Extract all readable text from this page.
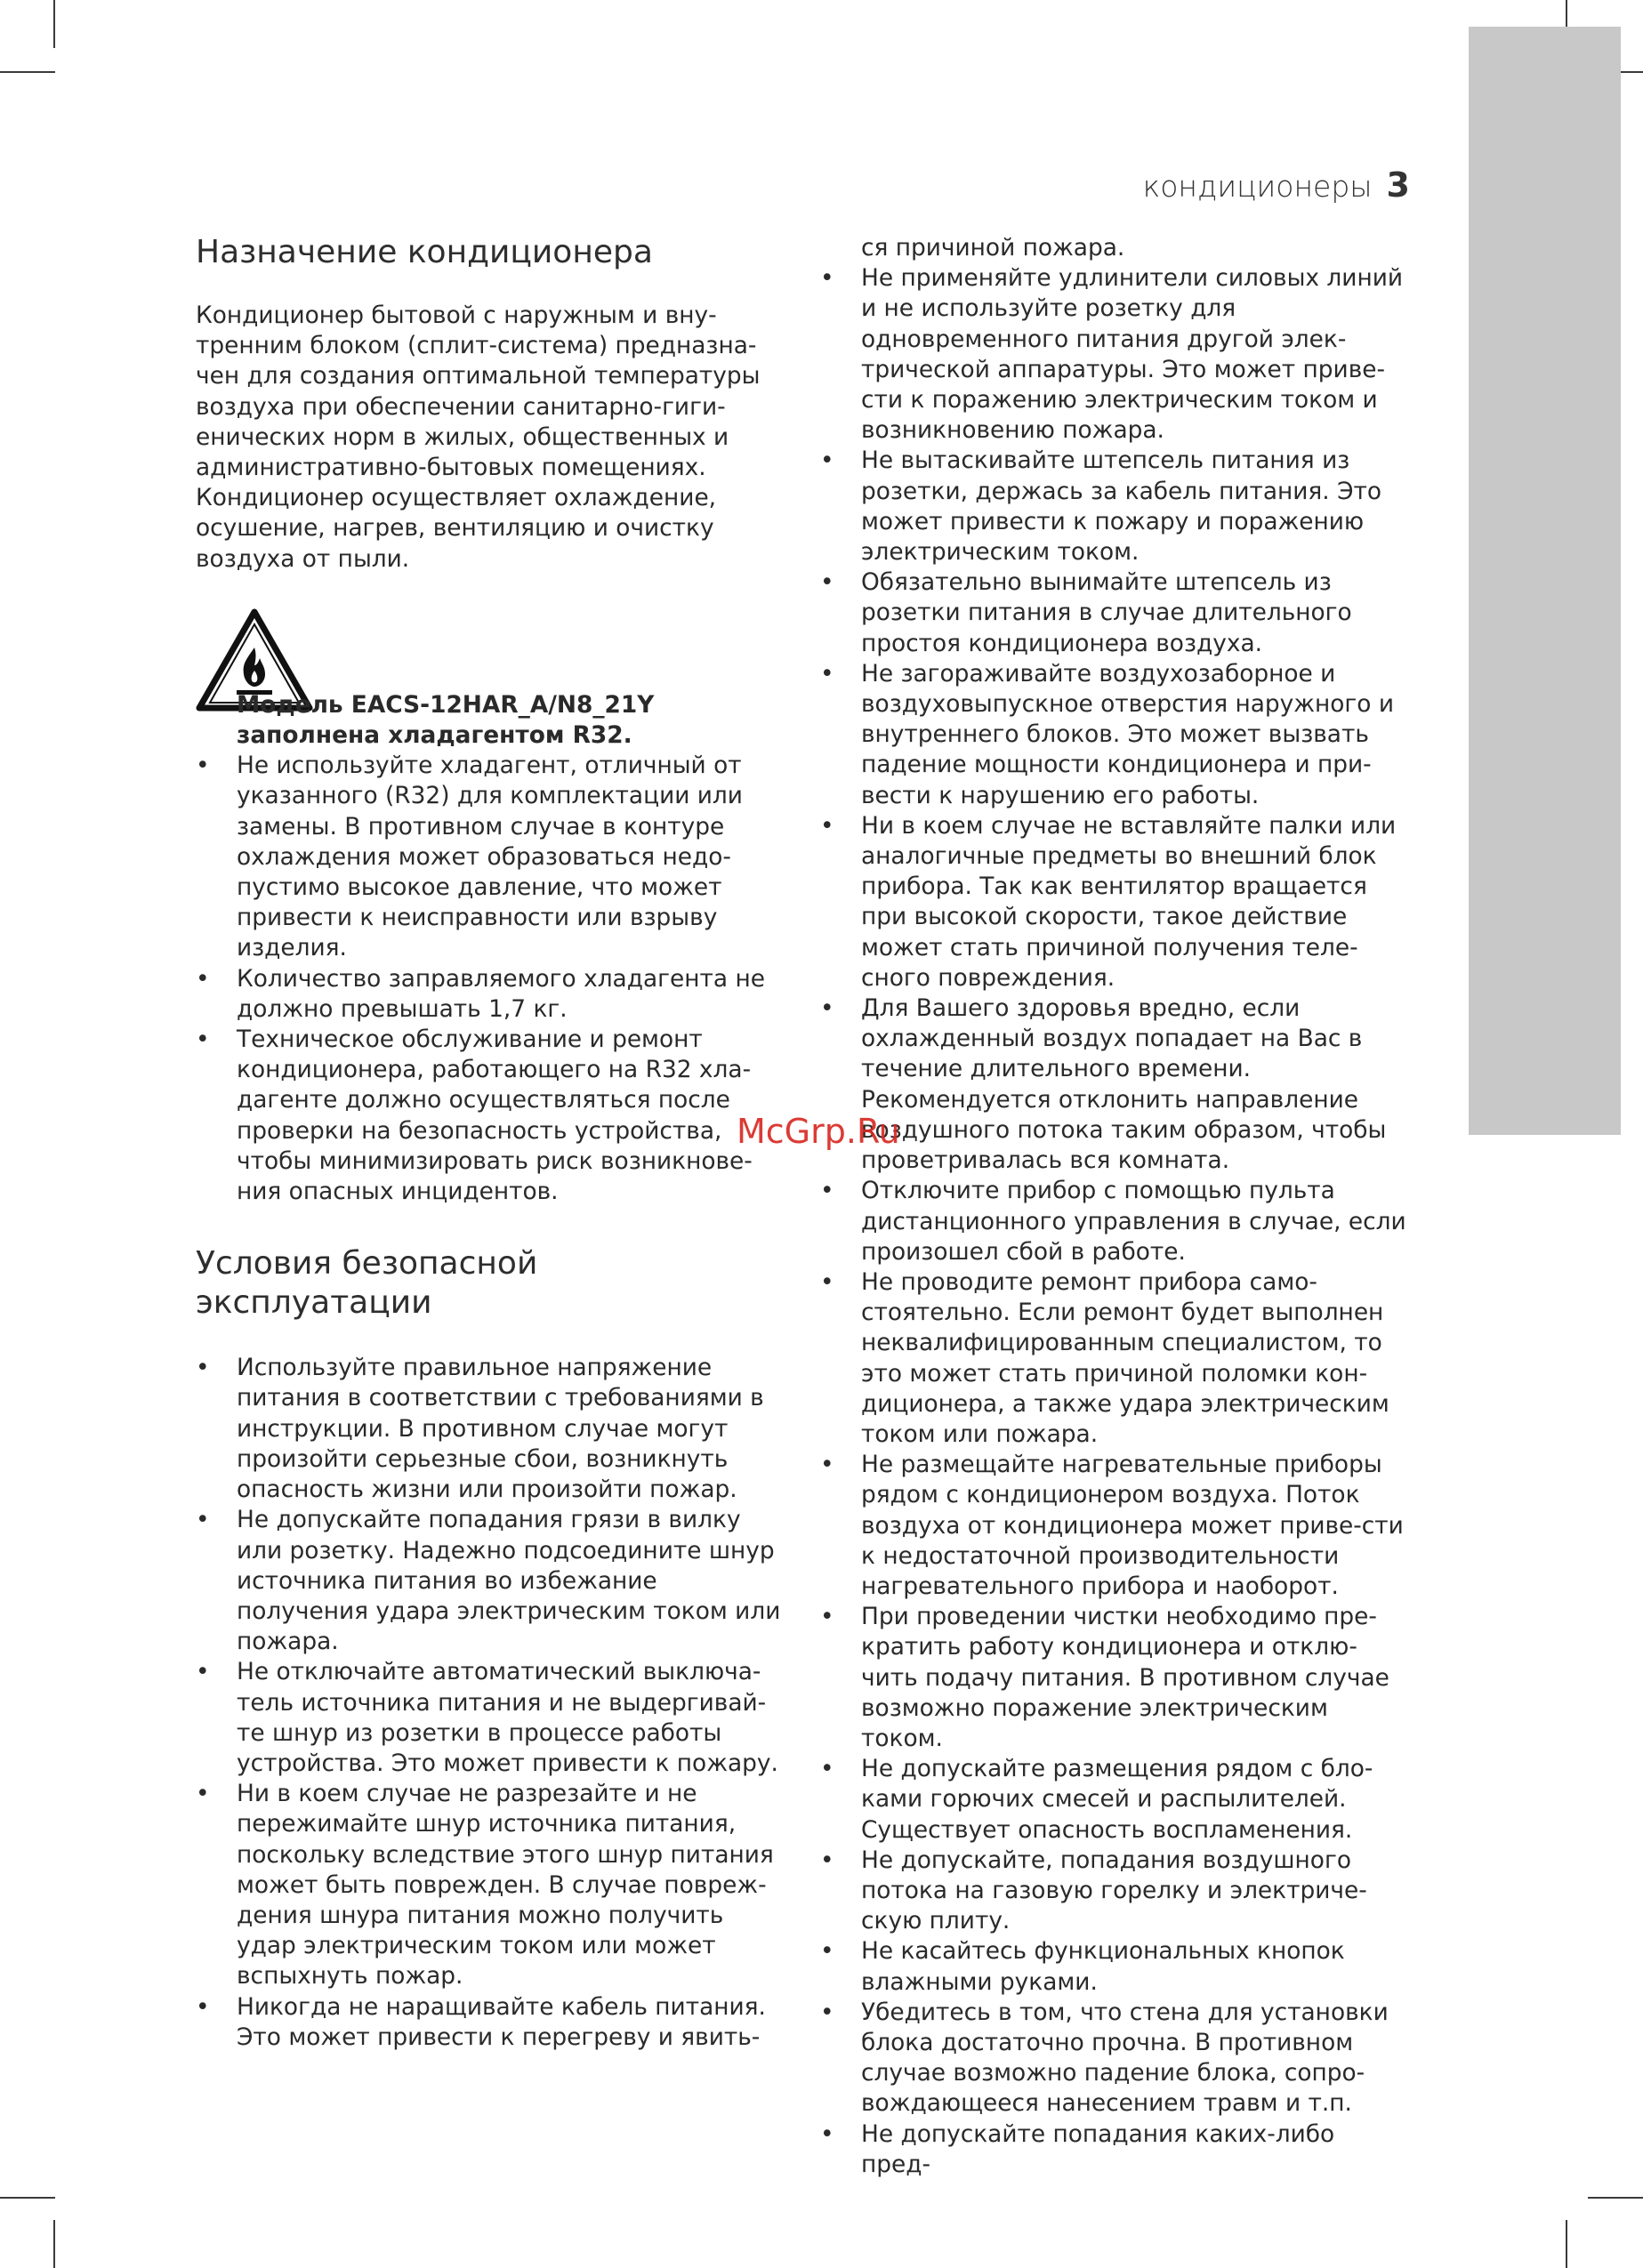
кондиционеры 3
Назначение кондиционера

Кондиционер бытовой с наружным и вну-тренним блоком (сплит-система) предназна-чен для создания оптимальной температуры воздуха при обеспечении санитарно-гиги-енических норм в жилых, общественных и административно-бытовых помещениях. Кондиционер осуществляет охлаждение, осушение, нагрев, вентиляцию и очистку воздуха от пыли.

Модель EACS-12HAR_A/N8_21Y заполнена хладагентом R32.

• Не используйте хладагент, отличный от указанного (R32) для комплектации или замены. В противном случае в контуре охлаждения может образоваться недо-пустимо высокое давление, что может привести к неисправности или взрыву изделия.
• Количество заправляемого хладагента не должно превышать 1,7 кг.
• Техническое обслуживание и ремонт кондиционера, работающего на R32 хла-дагенте должно осуществляться после проверки на безопасность устройства, чтобы минимизировать риск возникнове-ния опасных инцидентов.
Условия безопасной эксплуатации
• Используйте правильное напряжение питания в соответствии с требованиями в инструкции. В противном случае могут произойти серьезные сбои, возникнуть опасность жизни или произойти пожар.
• Не допускайте попадания грязи в вилку или розетку. Надежно подсоедините шнур источника питания во избежание получения удара электрическим током или пожара.
• Не отключайте автоматический выключа-тель источника питания и не выдергивай-те шнур из розетки в процессе работы устройства. Это может привести к пожару.
• Ни в коем случае не разрезайте и не пережимайте шнур источника питания, поскольку вследствие этого шнур питания может быть поврежден. В случае повреж-дения шнура питания можно получить удар электрическим током или может вспыхнуть пожар.
• Никогда не наращивайте кабель питания. Это может привести к перегреву и явить-

ся причиной пожара.

• Не применяйте удлинители силовых линий и не используйте розетку для одновременного питания другой элек-трической аппаратуры. Это может приве-сти к поражению электрическим током и возникновению пожара.
• Не вытаскивайте штепсель питания из розетки, держась за кабель питания. Это может привести к пожару и поражению электрическим током.
• Обязательно вынимайте штепсель из розетки питания в случае длительного простоя кондиционера воздуха.
• Не загораживайте воздухозаборное и воздуховыпускное отверстия наружного и внутреннего блоков. Это может вызвать падение мощности кондиционера и при-вести к нарушению его работы.
• Ни в коем случае не вставляйте палки или аналогичные предметы во внешний блок прибора. Так как вентилятор вращается при высокой скорости, такое действие может стать причиной получения теле-сного повреждения.
• Для Вашего здоровья вредно, если охлажденный воздух попадает на Вас в течение длительного времени. Рекомендуется отклонить направление воздушного потока таким образом, чтобы проветривалась вся комната.
• Отключите прибор с помощью пульта дистанционного управления в случае, если произошел сбой в работе.
• Не проводите ремонт прибора само-стоятельно. Если ремонт будет выполнен неквалифицированным специалистом, то это может стать причиной поломки кон-диционера, а также удара электрическим током или пожара.
• Не размещайте нагревательные приборы рядом с кондиционером воздуха. Поток воздуха от кондиционера может приве-сти к недостаточной производительности нагревательного прибора и наоборот.
• При проведении чистки необходимо пре-кратить работу кондиционера и отклю-чить подачу питания. В противном случае возможно поражение электрическим током.
• Не допускайте размещения рядом с бло-ками горючих смесей и распылителей. Существует опасность воспламенения.
• Не допускайте, попадания воздушного потока на газовую горелку и электриче-скую плиту.
• Не касайтесь функциональных кнопок влажными руками.
• Убедитесь в том, что стена для установки блока достаточно прочна. В противном случае возможно падение блока, сопро-вождающееся нанесением травм и т.п.
• Не допускайте попадания каких-либо пред-
McGrp.Ru
